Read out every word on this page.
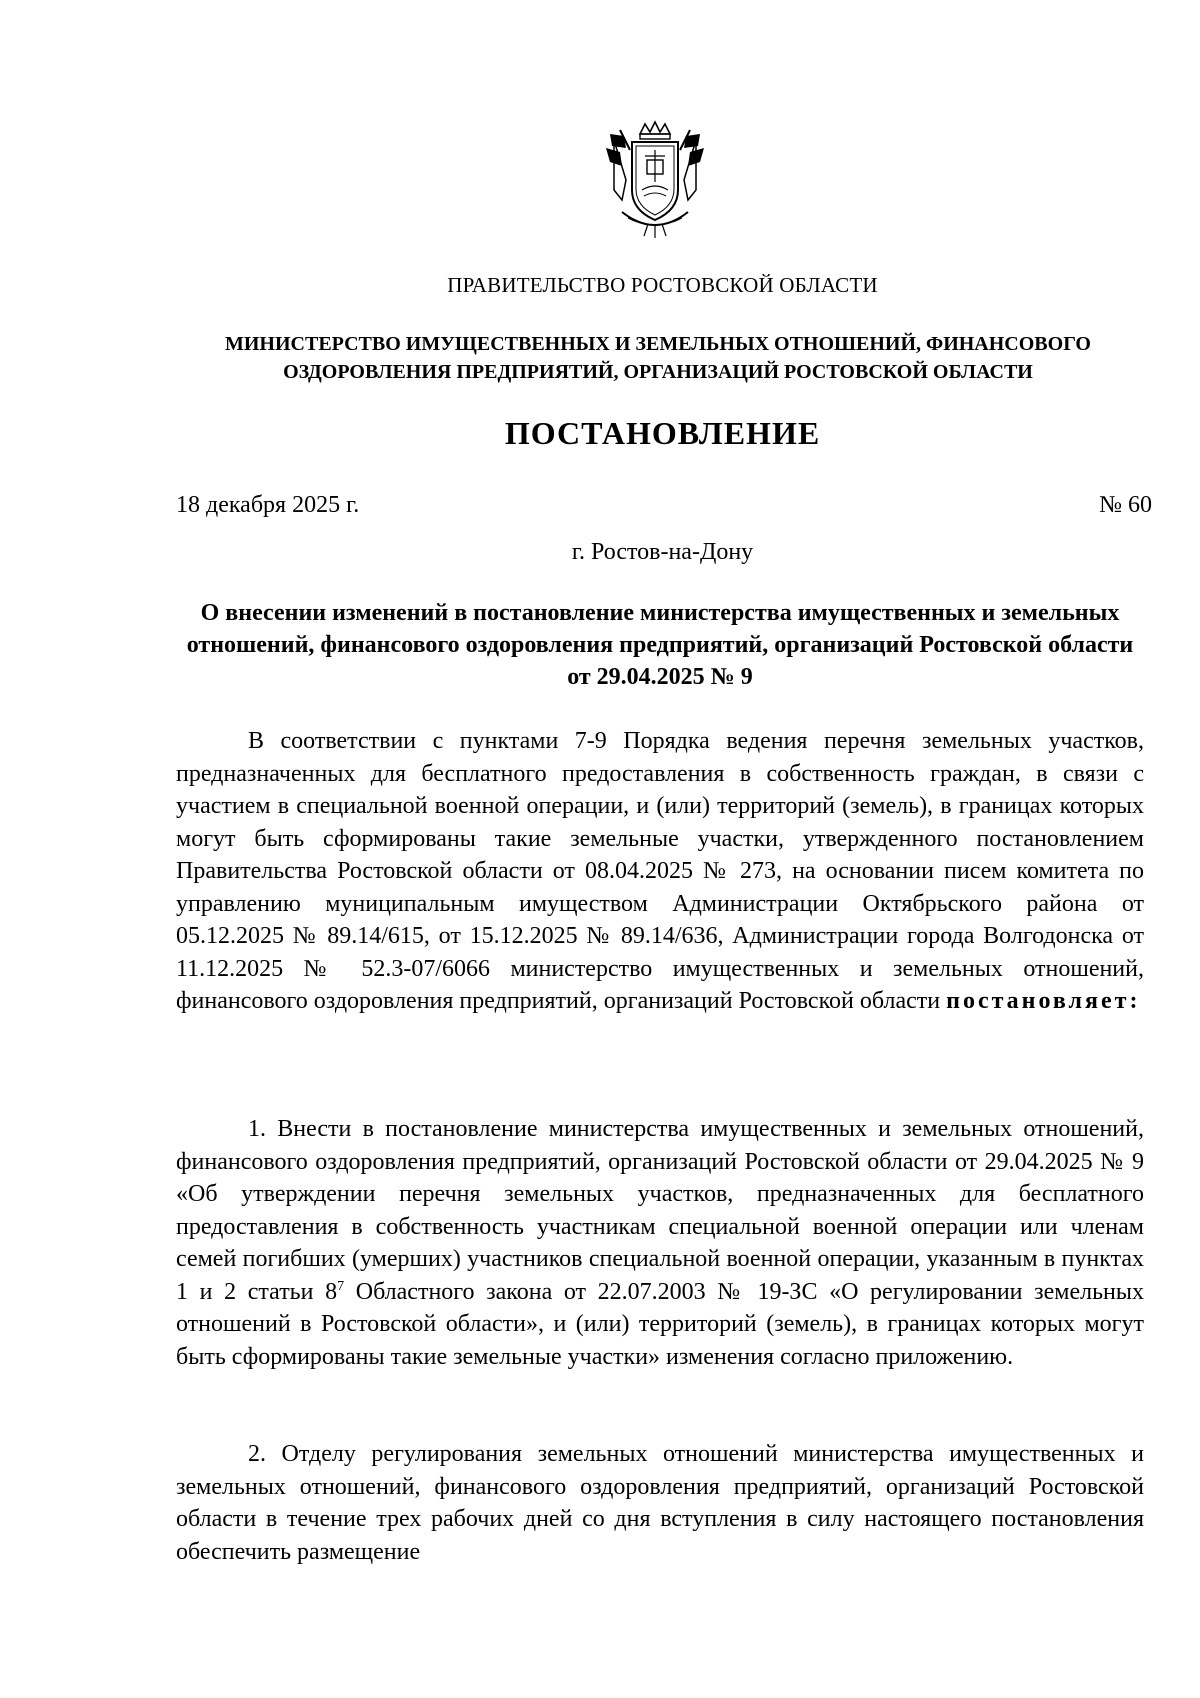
ПРАВИТЕЛЬСТВО РОСТОВСКОЙ ОБЛАСТИ
МИНИСТЕРСТВО ИМУЩЕСТВЕННЫХ И ЗЕМЕЛЬНЫХ ОТНОШЕНИЙ, ФИНАНСОВОГО ОЗДОРОВЛЕНИЯ ПРЕДПРИЯТИЙ, ОРГАНИЗАЦИЙ РОСТОВСКОЙ ОБЛАСТИ
ПОСТАНОВЛЕНИЕ
18 декабря 2025 г.	№ 60
г. Ростов-на-Дону
О внесении изменений в постановление министерства имущественных и земельных отношений, финансового оздоровления предприятий, организаций Ростовской области от 29.04.2025 № 9

В соответствии с пунктами 7-9 Порядка ведения перечня земельных участков, предназначенных для бесплатного предоставления в собственность граждан, в связи с участием в специальной военной операции, и (или) территорий (земель), в границах которых могут быть сформированы такие земельные участки, утвержденного постановлением Правительства Ростовской области от 08.04.2025 № 273, на основании писем комитета по управлению муниципальным имуществом Администрации Октябрьского района от 05.12.2025 № 89.14/615, от 15.12.2025 № 89.14/636, Администрации города Волгодонска от 11.12.2025 № 52.3-07/6066 министерство имущественных и земельных отношений, финансового оздоровления предприятий, организаций Ростовской области постановляет:

1. Внести в постановление министерства имущественных и земельных отношений, финансового оздоровления предприятий, организаций Ростовской области от 29.04.2025 № 9 «Об утверждении перечня земельных участков, предназначенных для бесплатного предоставления в собственность участникам специальной военной операции или членам семей погибших (умерших) участников специальной военной операции, указанным в пунктах 1 и 2 статьи $8^7$ Областного закона от 22.07.2003 № 19-ЗС «О регулировании земельных отношений в Ростовской области», и (или) территорий (земель), в границах которых могут быть сформированы такие земельные участки» изменения согласно приложению.

2. Отделу регулирования земельных отношений министерства имущественных и земельных отношений, финансового оздоровления предприятий, организаций Ростовской области в течение трех рабочих дней со дня вступления в силу настоящего постановления обеспечить размещение
